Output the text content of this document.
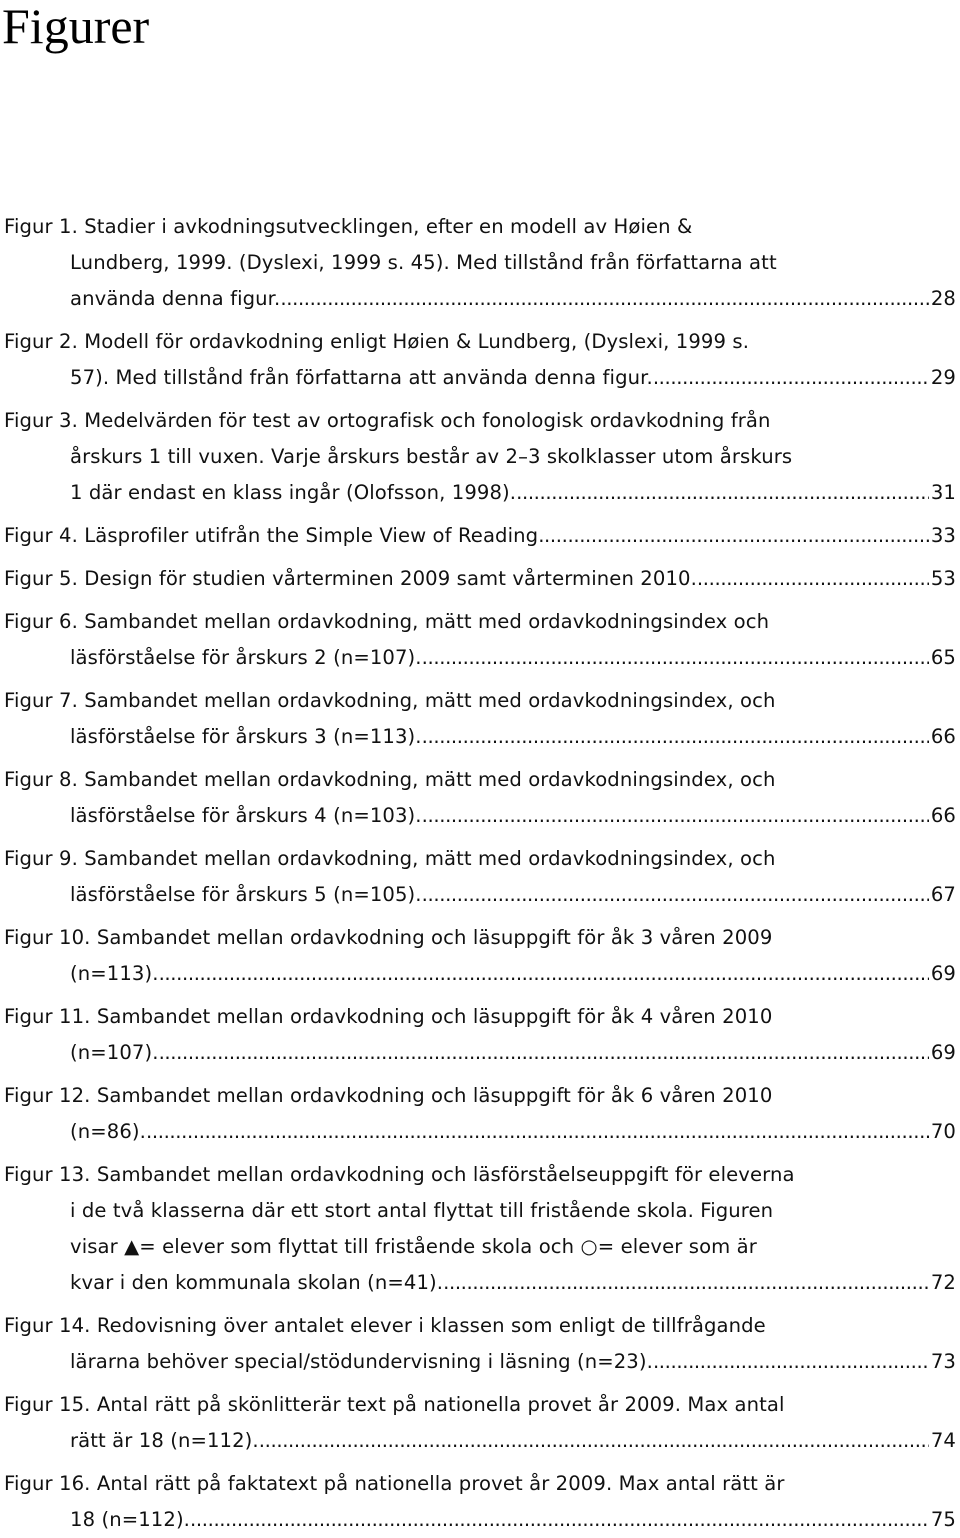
Figurer
Figur 1. Stadier i avkodningsutvecklingen, efter en modell av Høien &
Lundberg, 1999. (Dyslexi, 1999 s. 45). Med tillstånd från författarna att
använda denna figur. . . .	28
Figur 2. Modell för ordavkodning enligt Høien & Lundberg, (Dyslexi, 1999 s.
57). Med tillstånd från författarna att använda denna figur. . . .	29
Figur 3. Medelvärden för test av ortografisk och fonologisk ordavkodning från
årskurs 1 till vuxen. Varje årskurs består av 2–3 skolklasser utom årskurs
1 där endast en klass ingår (Olofsson, 1998). . . .	31
Figur 4. Läsprofiler utifrån the Simple View of Reading . . .	33
Figur 5. Design för studien vårterminen 2009 samt vårterminen 2010. . . .	53
Figur 6. Sambandet mellan ordavkodning, mätt med ordavkodningsindex och
läsförståelse för årskurs 2 (n=107). . . .	65
Figur 7. Sambandet mellan ordavkodning, mätt med ordavkodningsindex, och
läsförståelse för årskurs 3 (n=113). . . .	66
Figur 8. Sambandet mellan ordavkodning, mätt med ordavkodningsindex, och
läsförståelse för årskurs 4 (n=103). . . .	66
Figur 9. Sambandet mellan ordavkodning, mätt med ordavkodningsindex, och
läsförståelse för årskurs 5 (n=105). . . .	67
Figur 10. Sambandet mellan ordavkodning och läsuppgift för åk 3 våren 2009
(n=113). . . .	69
Figur 11. Sambandet mellan ordavkodning och läsuppgift för åk 4 våren 2010
(n=107). . . .	69
Figur 12. Sambandet mellan ordavkodning och läsuppgift för åk 6 våren 2010
(n=86). . . .	70
Figur 13. Sambandet mellan ordavkodning och läsförståelseuppgift för eleverna
i de två klasserna där ett stort antal flyttat till fristående skola. Figuren
visar ▲= elever som flyttat till fristående skola och ○= elever som är
kvar i den kommunala skolan (n=41). . . .	72
Figur 14. Redovisning över antalet elever i klassen som enligt de tillfrågande
lärarna behöver special/stödundervisning i läsning (n=23). . . .	73
Figur 15. Antal rätt på skönlitterär text på nationella provet år 2009. Max antal
rätt är 18 (n=112). . . .	74
Figur 16. Antal rätt på faktatext på nationella provet år 2009. Max antal rätt är
18 (n=112). . . .	75
